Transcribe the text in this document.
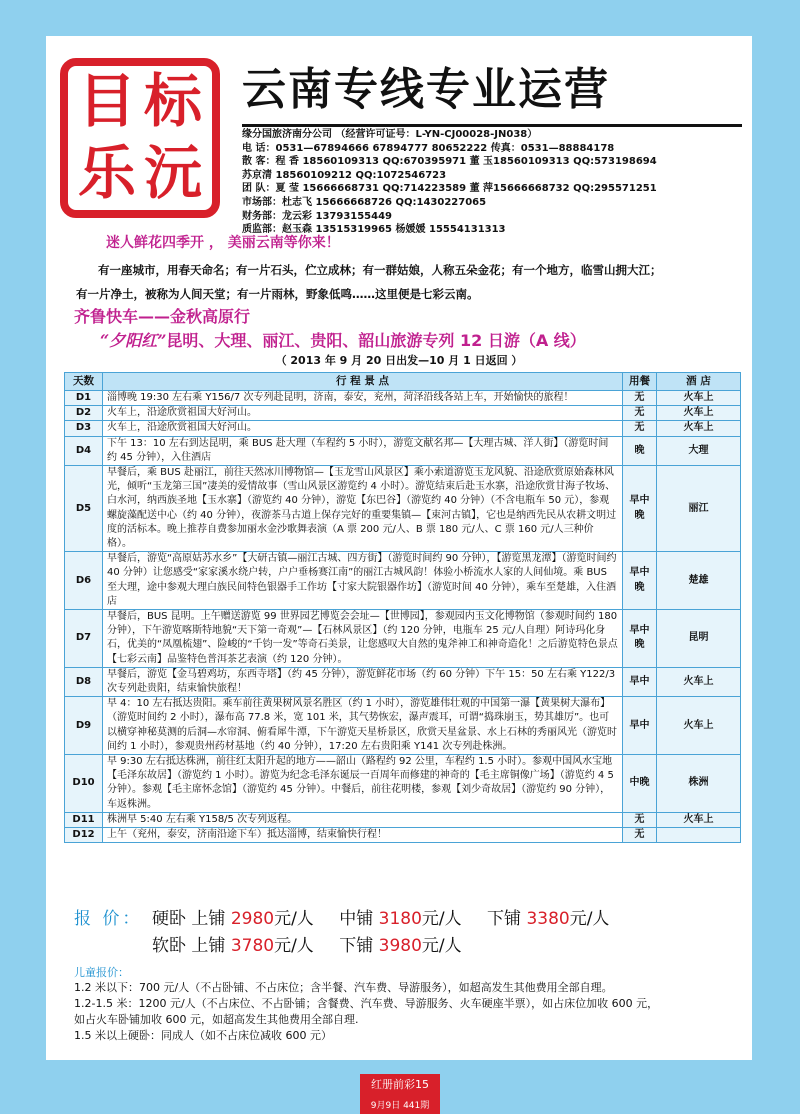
目 标
乐 沅
云南专线专业运营
缘分国旅济南分公司 （经营许可证号：L-YN-CJ00028-JN038）
电 话：0531—67894666 67894777 80652222 传真：0531—88884178
散 客：程 香 18560109313 QQ:670395971 董 玉18560109313 QQ:573198694
苏京清 18560109212 QQ:1072546723
团 队：夏 莹 15666668731 QQ:714223589 董 萍15666668732 QQ:295571251
市场部：杜志飞 15666668726 QQ:1430227065
财务部：龙云彩 13793155449
质监部：赵玉森 13515319965 杨媛媛 15554131313
迷人鲜花四季开 ， 美丽云南等你来！
有一座城市，用春天命名；有一片石头，伫立成林；有一群姑娘，人称五朵金花；有一个地方，临雪山拥大江；
有一片净土，被称为人间天堂；有一片雨林，野象低鸣……这里便是七彩云南。
齐鲁快车——金秋高原行
“夕阳红”昆明、大理、丽江、贵阳、韶山旅游专列 12 日游（A 线）
（ 2013 年 9 月 20 日出发—10 月 1 日返回 ）
天数	行 程 景 点	用餐	酒 店
D1	淄博晚 19:30 左右乘 Y156/7 次专列赴昆明，济南，泰安，兖州，菏泽沿线各站上车，开始愉快的旅程！	无	火车上
D2	火车上，沿途欣赏祖国大好河山。	无	火车上
D3	火车上，沿途欣赏祖国大好河山。	无	火车上
D4	下午 13：10 左右到达昆明，乘 BUS 赴大理（车程约 5 小时），游览文献名邦—【大理古城、洋人街】（游览时间约 45 分钟），入住酒店	晚	大理
D5	早餐后，乘 BUS 赴丽江，前往天然冰川博物馆—【玉龙雪山风景区】乘小索道游览玉龙风貌、沿途欣赏原始森林风光，倾听“玉龙第三国”凄美的爱情故事（雪山风景区游览约 4 小时）。游览结束后赴玉水寨，沿途欣赏甘海子牧场、白水河，纳西族圣地【玉水寨】（游览约 40 分钟），游览【东巴谷】（游览约 40 分钟）（不含电瓶车 50 元），参观螺旋藻配送中心（约 40 分钟），夜游茶马古道上保存完好的重要集镇—【束河古镇】，它也是纳西先民从农耕文明过度的活标本。晚上推荐自费参加丽水金沙歌舞表演（A 票 200 元/人、B 票 180 元/人、C 票 160 元/人三种价格）。	早中晚	丽江
D6	早餐后，游览“高原姑苏水乡”【大研古镇—丽江古城、四方街】（游览时间约 90 分钟），【游览黑龙潭】（游览时间约 40 分钟）让您感受“家家溪水绕户转，户户垂杨赛江南”的丽江古城风韵！体验小桥流水人家的人间仙境。乘 BUS 至大理，途中参观大理白族民间特色银器手工作坊【寸家大院银器作坊】（游览时间 40 分钟），乘车至楚雄，入住酒店	早中晚	楚雄
D7	早餐后，BUS 昆明。上午赠送游览 99 世界园艺博览会会址—【世博园】，参观园内玉文化博物馆（参观时间约 180 分钟），下午游览喀斯特地貌“天下第一奇观”—【石林风景区】（约 120 分钟，电瓶车 25 元/人自理）阿诗玛化身石，优美的“凤凰梳翅”、险峻的“千钧一发”等奇石美景，让您感叹大自然的鬼斧神工和神奇造化！之后游览特色景点【七彩云南】品鉴特色普洱茶艺表演（约 120 分钟）。	早中晚	昆明
D8	早餐后，游览【金马碧鸡坊，东西寺塔】（约 45 分钟），游览鲜花市场（约 60 分钟）下午 15：50 左右乘 Y122/3 次专列赴贵阳，结束愉快旅程！	早中	火车上
D9	早 4：10 左右抵达贵阳。乘车前往黄果树风景名胜区（约 1 小时），游览雄伟壮观的中国第一瀑【黄果树大瀑布】（游览时间约 2 小时），瀑布高 77.8 米，宽 101 米，其气势恢宏，瀑声震耳，可谓“捣珠崩玉，势其雄厉”。也可以横穿神秘莫测的后洞—水帘洞、俯看犀牛潭，下午游览天星桥景区，欣赏天星盆景、水上石林的秀丽风光（游览时间约 1 小时），参观贵州药材基地（约 40 分钟），17:20 左右贵阳乘 Y141 次专列赴株洲。	早中	火车上
D10	早 9:30 左右抵达株洲，前往红太阳升起的地方——韶山（路程约 92 公里，车程约 1.5 小时）。参观中国风水宝地【毛泽东故居】（游览约 1 小时）。游览为纪念毛泽东诞辰一百周年而修建的神奇的【毛主席铜像广场】（游览约 4 5 分钟）。参观【毛主席怀念馆】（游览约 45 分钟）。中餐后，前往花明楼，参观【刘少奇故居】（游览约 90 分钟），车返株洲。	中晚	株洲
D11	株洲早 5:40 左右乘 Y158/5 次专列返程。	无	火车上
D12	上午（兖州，泰安，济南沿途下车）抵达淄博，结束愉快行程！	无	
报 价： 硬卧 上铺 2980元/人 中铺 3180元/人 下铺 3380元/人
软卧 上铺 3780元/人 下铺 3980元/人
儿童报价：
1.2 米以下：700 元/人（不占卧铺、不占床位；含半餐、汽车费、导游服务），如超高发生其他费用全部自理。
1.2-1.5 米：1200 元/人（不占床位、不占卧铺；含餐费、汽车费、导游服务、火车硬座半票），如占床位加收 600 元，
如占火车卧铺加收 600 元，如超高发生其他费用全部自理.
1.5 米以上硬卧：同成人（如不占床位减收 600 元）
红册前彩15
9月9日 441期
